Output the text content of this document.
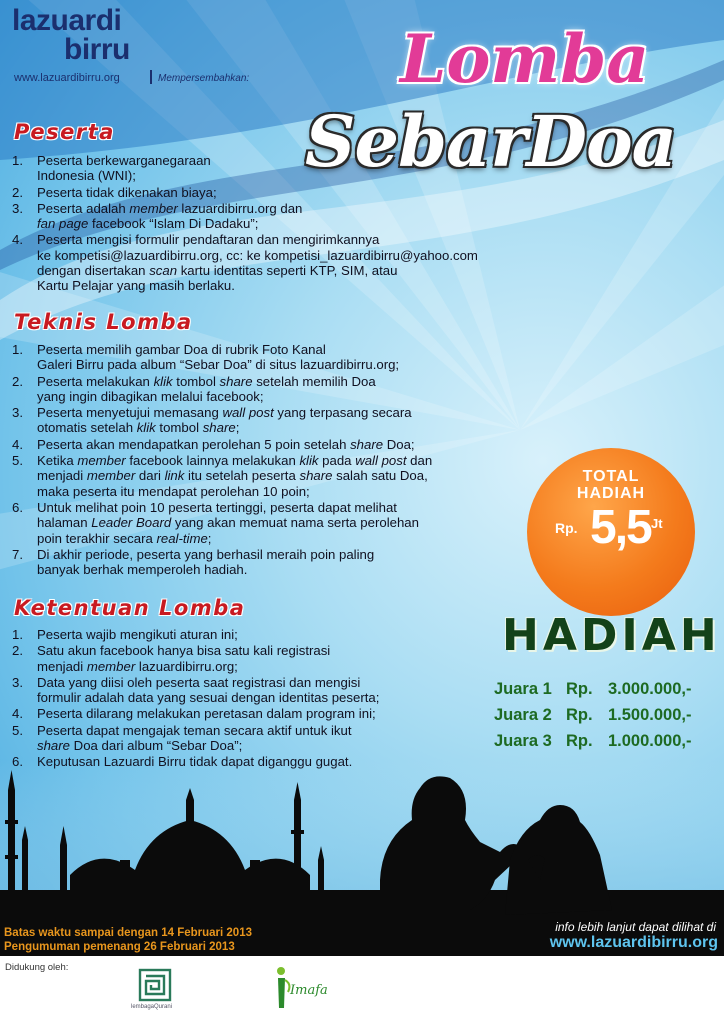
lazuardi
birru
www.lazuardibirru.org	Mempersembahkan: Lomba
SebarDoa
Peserta
1. Peserta berkewarganegaraan
Indonesia (WNI);
2. Peserta tidak dikenakan biaya;
3. Peserta adalah member lazuardibirru.org dan
fan page facebook “Islam Di Dadaku”;
4. Peserta mengisi formulir pendaftaran dan mengirimkannya
ke kompetisi@lazuardibirru.org, cc: ke kompetisi_lazuardibirru@yahoo.com
dengan disertakan scan kartu identitas seperti KTP, SIM, atau
Kartu Pelajar yang masih berlaku.
Teknis Lomba
1. Peserta memilih gambar Doa di rubrik Foto Kanal
Galeri Birru pada album “Sebar Doa” di situs lazuardibirru.org;
2. Peserta melakukan klik tombol share setelah memilih Doa
yang ingin dibagikan melalui facebook;
3. Peserta menyetujui memasang wall post yang terpasang secara
otomatis setelah klik tombol share;
4. Peserta akan mendapatkan perolehan 5 poin setelah share Doa;
5. Ketika member facebook lainnya melakukan klik pada wall post dan
menjadi member dari link itu setelah peserta share salah satu Doa,
maka peserta itu mendapat perolehan 10 poin;
6. Untuk melihat poin 10 peserta tertinggi, peserta dapat melihat
halaman Leader Board yang akan memuat nama serta perolehan
poin terakhir secara real-time;
7. Di akhir periode, peserta yang berhasil meraih poin paling
banyak berhak memperoleh hadiah.
Ketentuan Lomba
1. Peserta wajib mengikuti aturan ini;
2. Satu akun facebook hanya bisa satu kali registrasi
menjadi member lazuardibirru.org;
3. Data yang diisi oleh peserta saat registrasi dan mengisi
formulir adalah data yang sesuai dengan identitas peserta;
4. Peserta dilarang melakukan peretasan dalam program ini;
5. Peserta dapat mengajak teman secara aktif untuk ikut
share Doa dari album “Sebar Doa”;
TOTAL
HADIAH
Rp. 5,5 Jt
HADIAH
Juara 1 Rp. 3.000.000,-
Juara 2 Rp. 1.500.000,-
Juara 3 Rp. 1.000.000,-
Batas waktu sampai dengan 14 Februari 2013
Pengumuman pemenang 26 Februari 2013
info lebih lanjut dapat dilihat di
www.lazuardibirru.org
Didukung oleh:
lembagaQurani
Imafa
